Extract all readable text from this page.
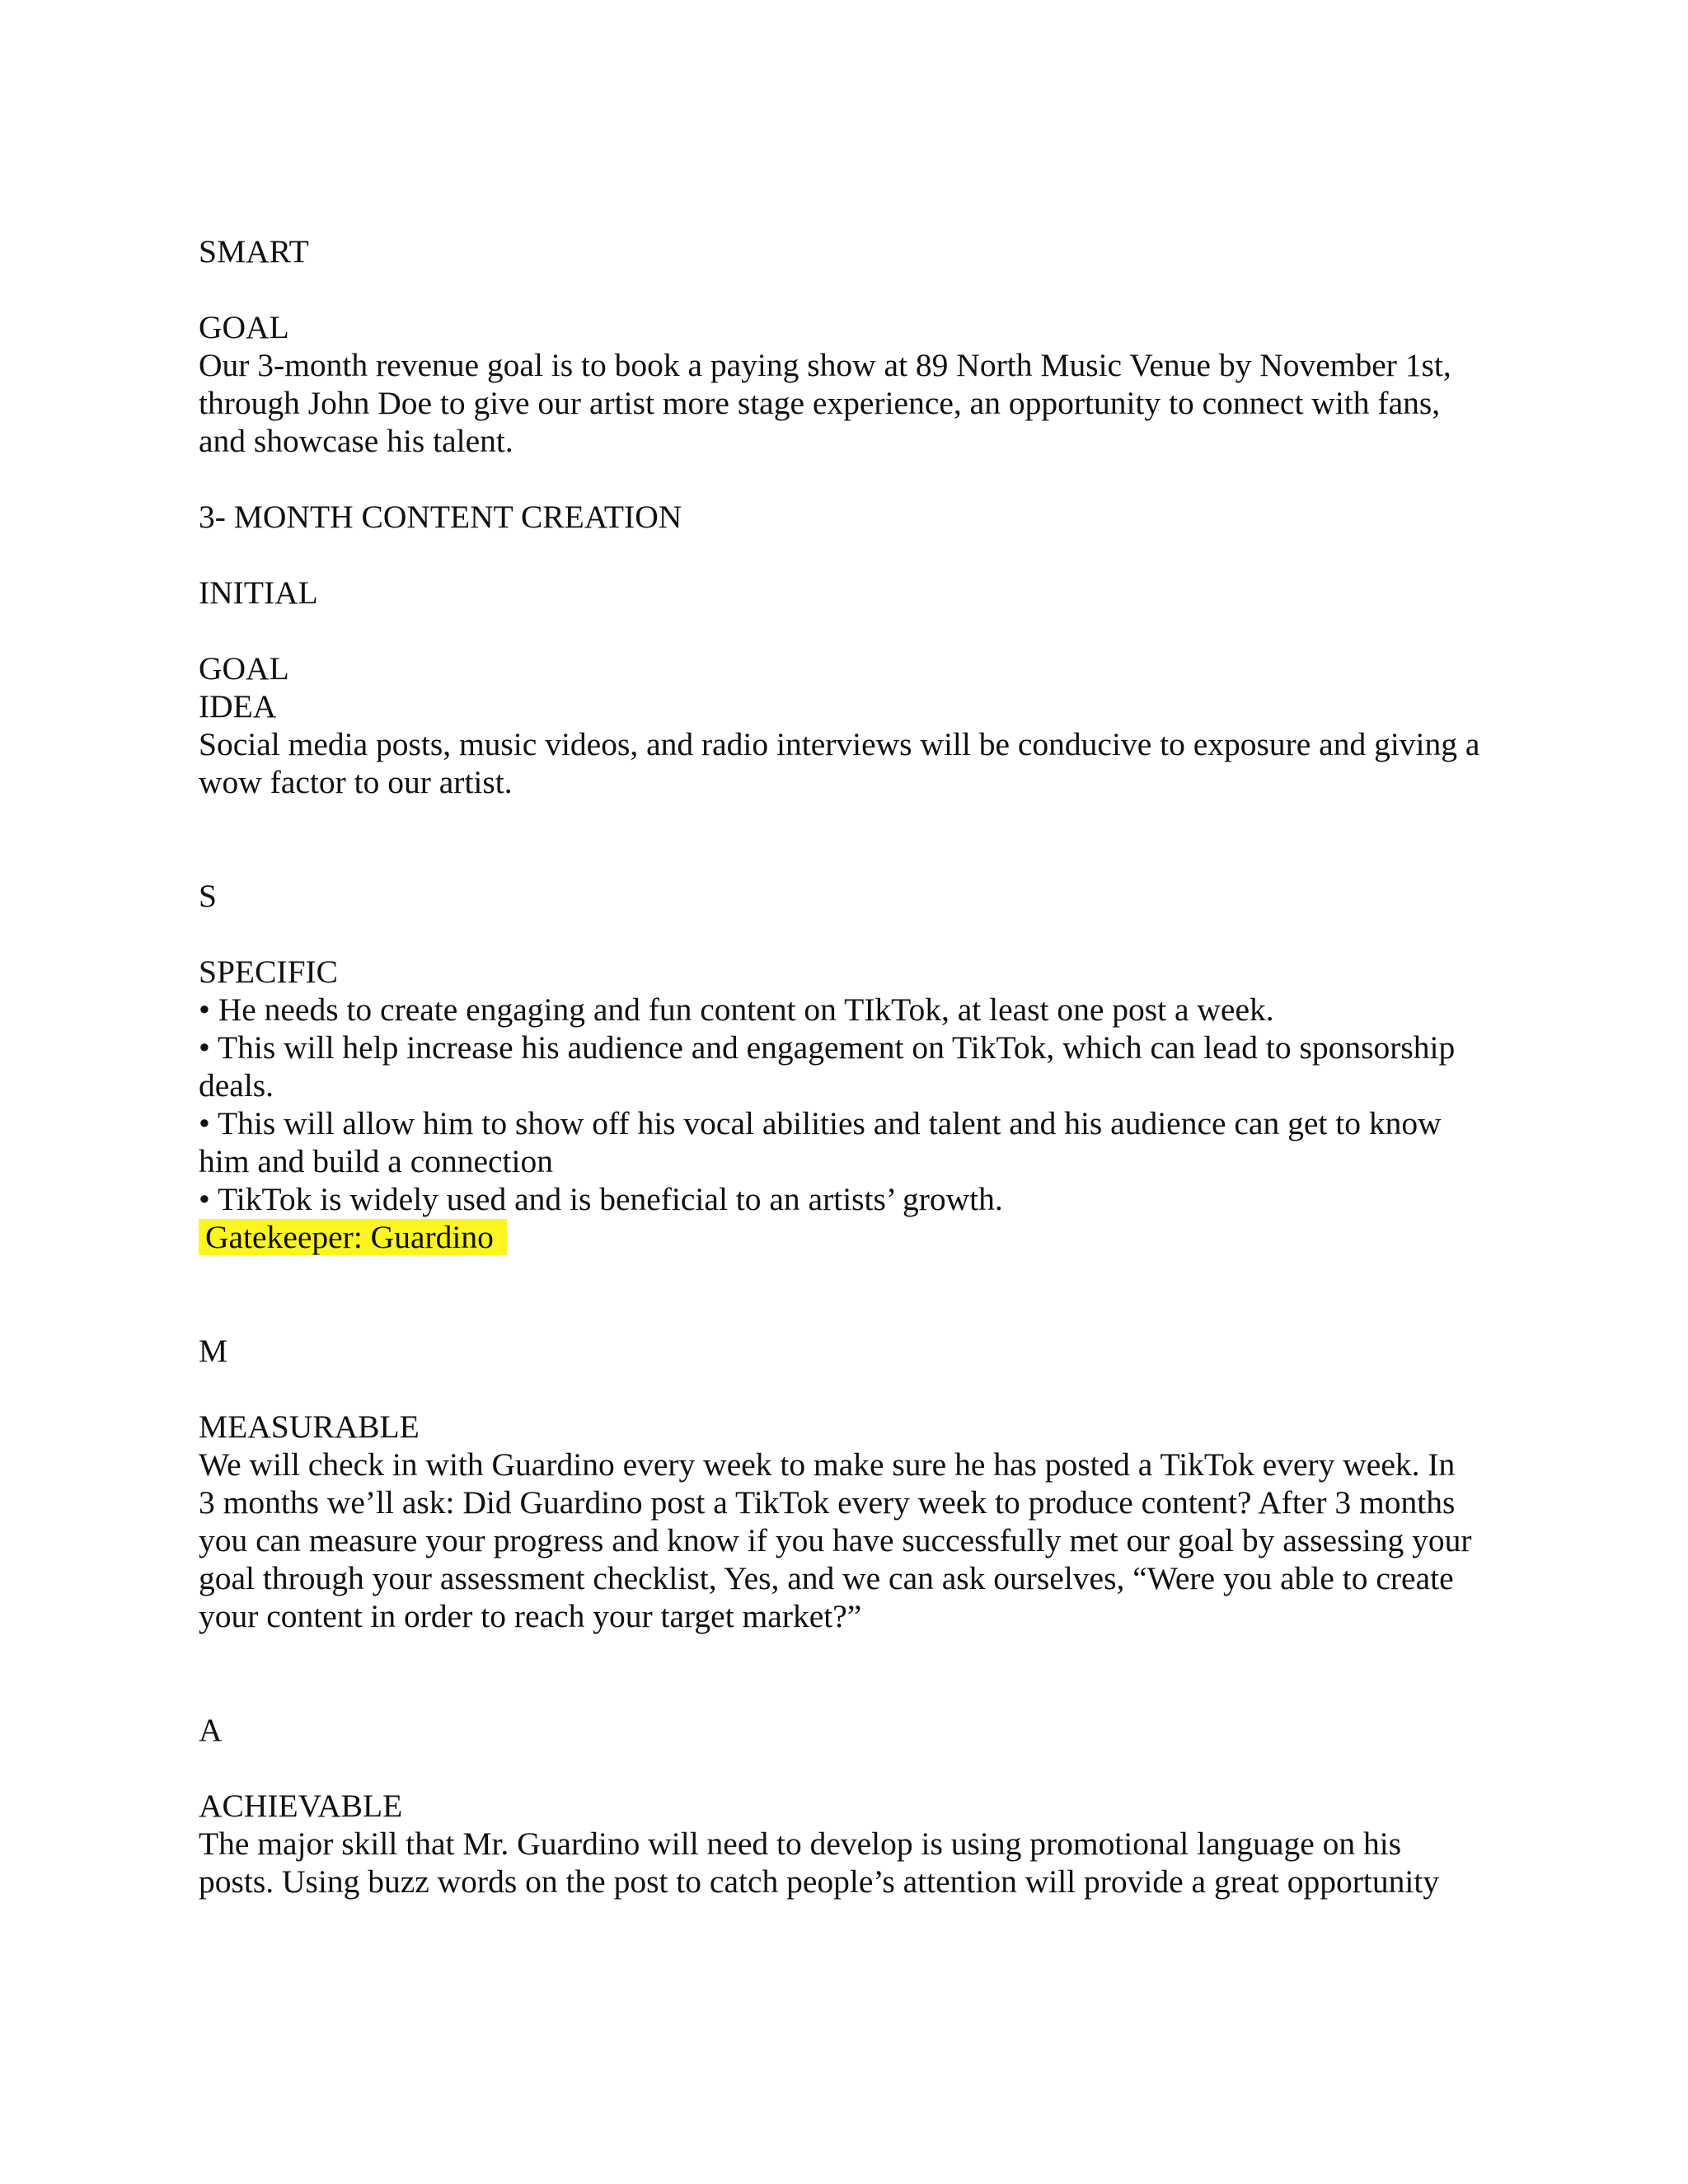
SMART

GOAL

Our 3-month revenue goal is to book a paying show at 89 North Music Venue by November 1st, through John Doe to give our artist more stage experience, an opportunity to connect with fans, and showcase his talent.

3- MONTH CONTENT CREATION

INITIAL

GOAL

IDEA

Social media posts, music videos, and radio interviews will be conducive to exposure and giving a wow factor to our artist.

S

SPECIFIC

• He needs to create engaging and fun content on TIkTok, at least one post a week.

• This will help increase his audience and engagement on TikTok, which can lead to sponsorship deals.

• This will allow him to show off his vocal abilities and talent and his audience can get to know him and build a connection

• TikTok is widely used and is beneficial to an artists’ growth.

Gatekeeper: Guardino

M

MEASURABLE

We will check in with Guardino every week to make sure he has posted a TikTok every week. In 3 months we’ll ask: Did Guardino post a TikTok every week to produce content? After 3 months you can measure your progress and know if you have successfully met our goal by assessing your goal through your assessment checklist, Yes, and we can ask ourselves, “Were you able to create your content in order to reach your target market?”

A

ACHIEVABLE

The major skill that Mr. Guardino will need to develop is using promotional language on his posts. Using buzz words on the post to catch people’s attention will provide a great opportunity
